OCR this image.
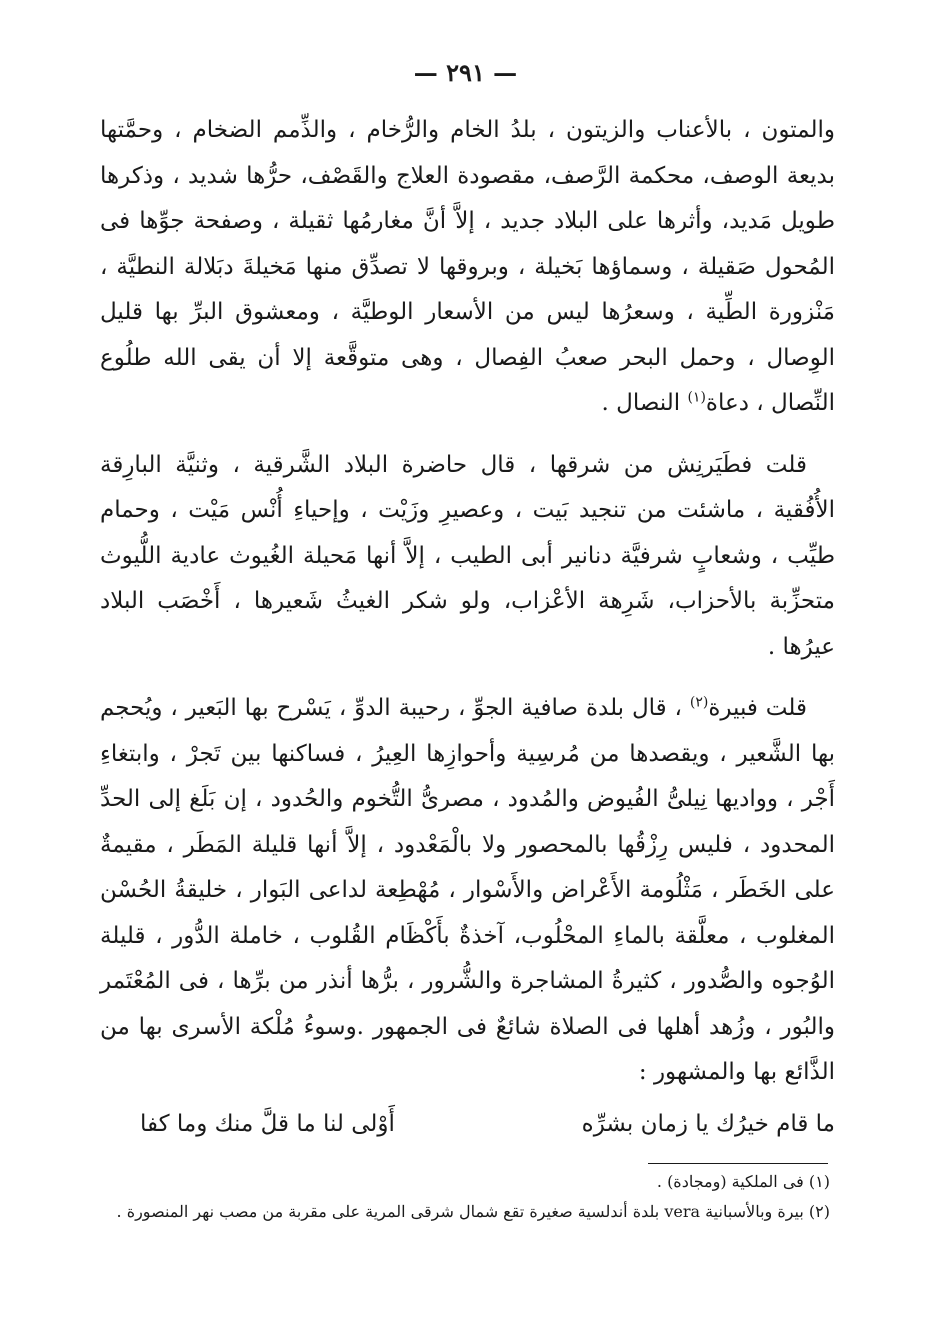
— ٢٩١ —

والمتون ، بالأعناب والزيتون ، بلدُ الخام والرُّخام ، والذِّمم الضخام ، وحمَّتها بديعة الوصف، محكمة الرَّصف، مقصودة العلاج والقَصْف، حرُّها شديد ، وذكرها طويل مَديد، وأثرها على البلاد جديد ، إلاَّ أنَّ مغارمُها ثقيلة ، وصفحة جوِّها فى المُحول صَقيلة ، وسماؤها بَخيلة ، وبروقها لا تصدِّق منها مَخيلةَ دبَلالة النطيَّة ، مَنْزورة الطِّية ، وسعرُها ليس من الأسعار الوطيَّة ، ومعشوق البرِّ بها قليل الوِصال ، وحمل البحر صعبُ الفِصال ، وهى متوقَّعة إلا أن يقى الله طلُوع النِّصال ، دعاة$^{(١)}$ النصال .

قلت فطَيَرنِش من شرقها ، قال حاضرة البلاد الشَّرقية ، وثنيَّة البارِقة الأُفُقية ، ماشئت من تنجيد بَيت ، وعصيرِ وزَيْت ، وإحياءِ أُنْس مَيْت ، وحمام طيِّب ، وشعابٍ شرفيَّة دنانير أبى الطيب ، إلاَّ أنها مَحيلة الغُيوث عادية اللُّيوث متحزِّبة بالأحزاب، شَرِهة الأعْزاب، ولو شكر الغيثُ شَعيرها ، أَخْصَب البلاد عيرُها .

قلت فبيرة$^{(٢)}$ ، قال بلدة صافية الجوِّ ، رحيبة الدوِّ ، يَسْرح بها البَعير ، ويُحجم بها الشَّعير ، ويقصدها من مُرسِية وأحوازِها العِيرُ ، فساكنها بين تَجرْ ، وابتغاءِ أَجْر ، وواديها نِيلىُّ الفُيوض والمُدود ، مصرىُّ التُّخوم والحُدود ، إن بَلَغ إلى الحدِّ المحدود ، فليس رِزْقُها بالمحصور ولا بالْمَعْدود ، إلاَّ أنها قليلة المَطَر ، مقيمةٌ على الخَطَر ، مَثْلُومة الأَعْراض والأَسْوار ، مُهْطِعة لداعى البَوار ، خليقةُ الحُسْن المغلوب ، معلَّقة بالماءِ المحْلُوب، آخذةٌ بأَكْظَام القُلوب ، خاملة الدُّور ، قليلة الوُجوه والصُّدور ، كثيرةُ المشاجرة والشُّرور ، برُّها أنذر من برِّها ، فى المُعْتَمر والبُور ، وزُهد أهلها فى الصلاة شائعٌ فى الجمهور .وسوءُ مُلْكة الأسرى بها من الذَّائع بها والمشهور :

ما قام خيرُك يا زمان بشرِّه
أَوْلى لنا ما قلَّ منك وما كفا

(١) فى الملكية (ومجادة) .

(٢) بيرة وبالأسبانية vera بلدة أندلسية صغيرة تقع شمال شرقى المرية على مقربة من مصب نهر المنصورة .
